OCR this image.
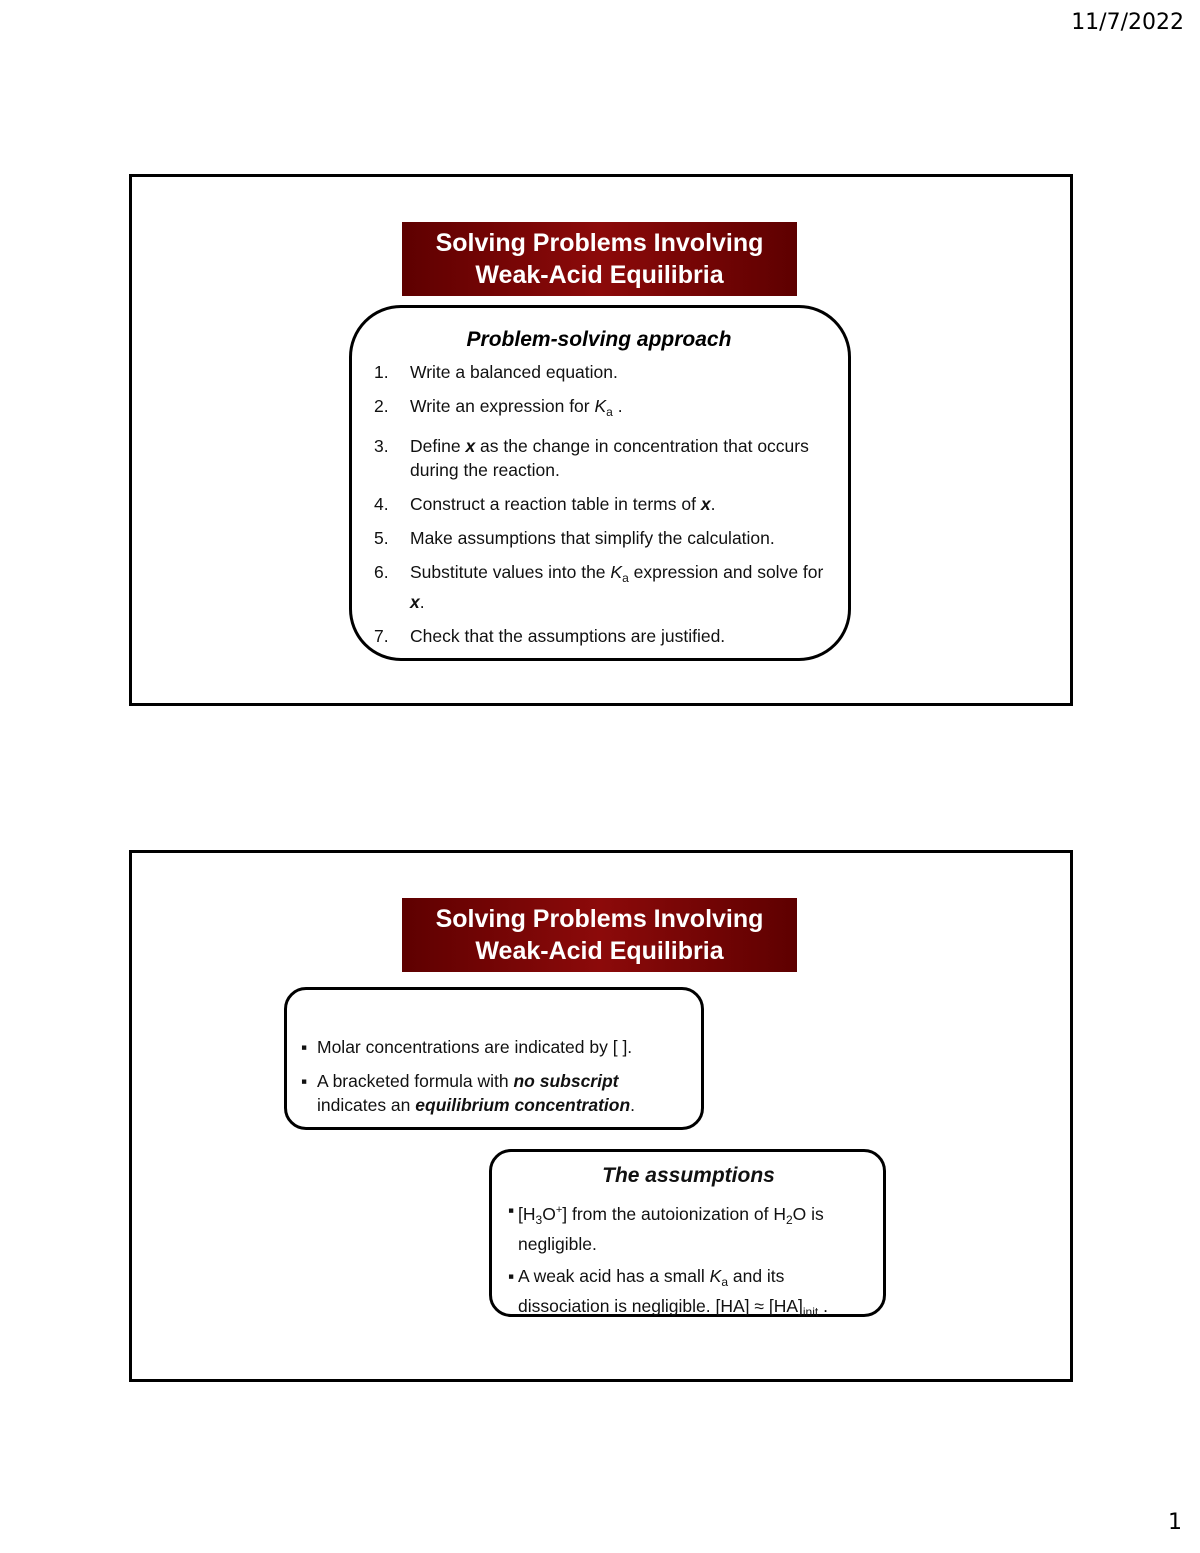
11/7/2022
Solving Problems Involving
Weak-Acid Equilibria
Problem-solving approach
1.	Write a balanced equation.
2.	Write an expression for $K_a$ .
3.	Define x as the change in concentration that occurs during the reaction.
4.	Construct a reaction table in terms of x.
5.	Make assumptions that simplify the calculation.
6.	Substitute values into the $K_a$ expression and solve for x.
7.	Check that the assumptions are justified.
Solving Problems Involving
Weak-Acid Equilibria
▪ Molar concentrations are indicated by [ ].
▪ A bracketed formula with no subscript indicates an equilibrium concentration.
The assumptions
▪ $[H_3O^+]$ from the autoionization of $H_2O$ is negligible.
▪ A weak acid has a small $K_a$ and its dissociation is negligible. $[HA] \approx [HA]_{init}$ .
1
